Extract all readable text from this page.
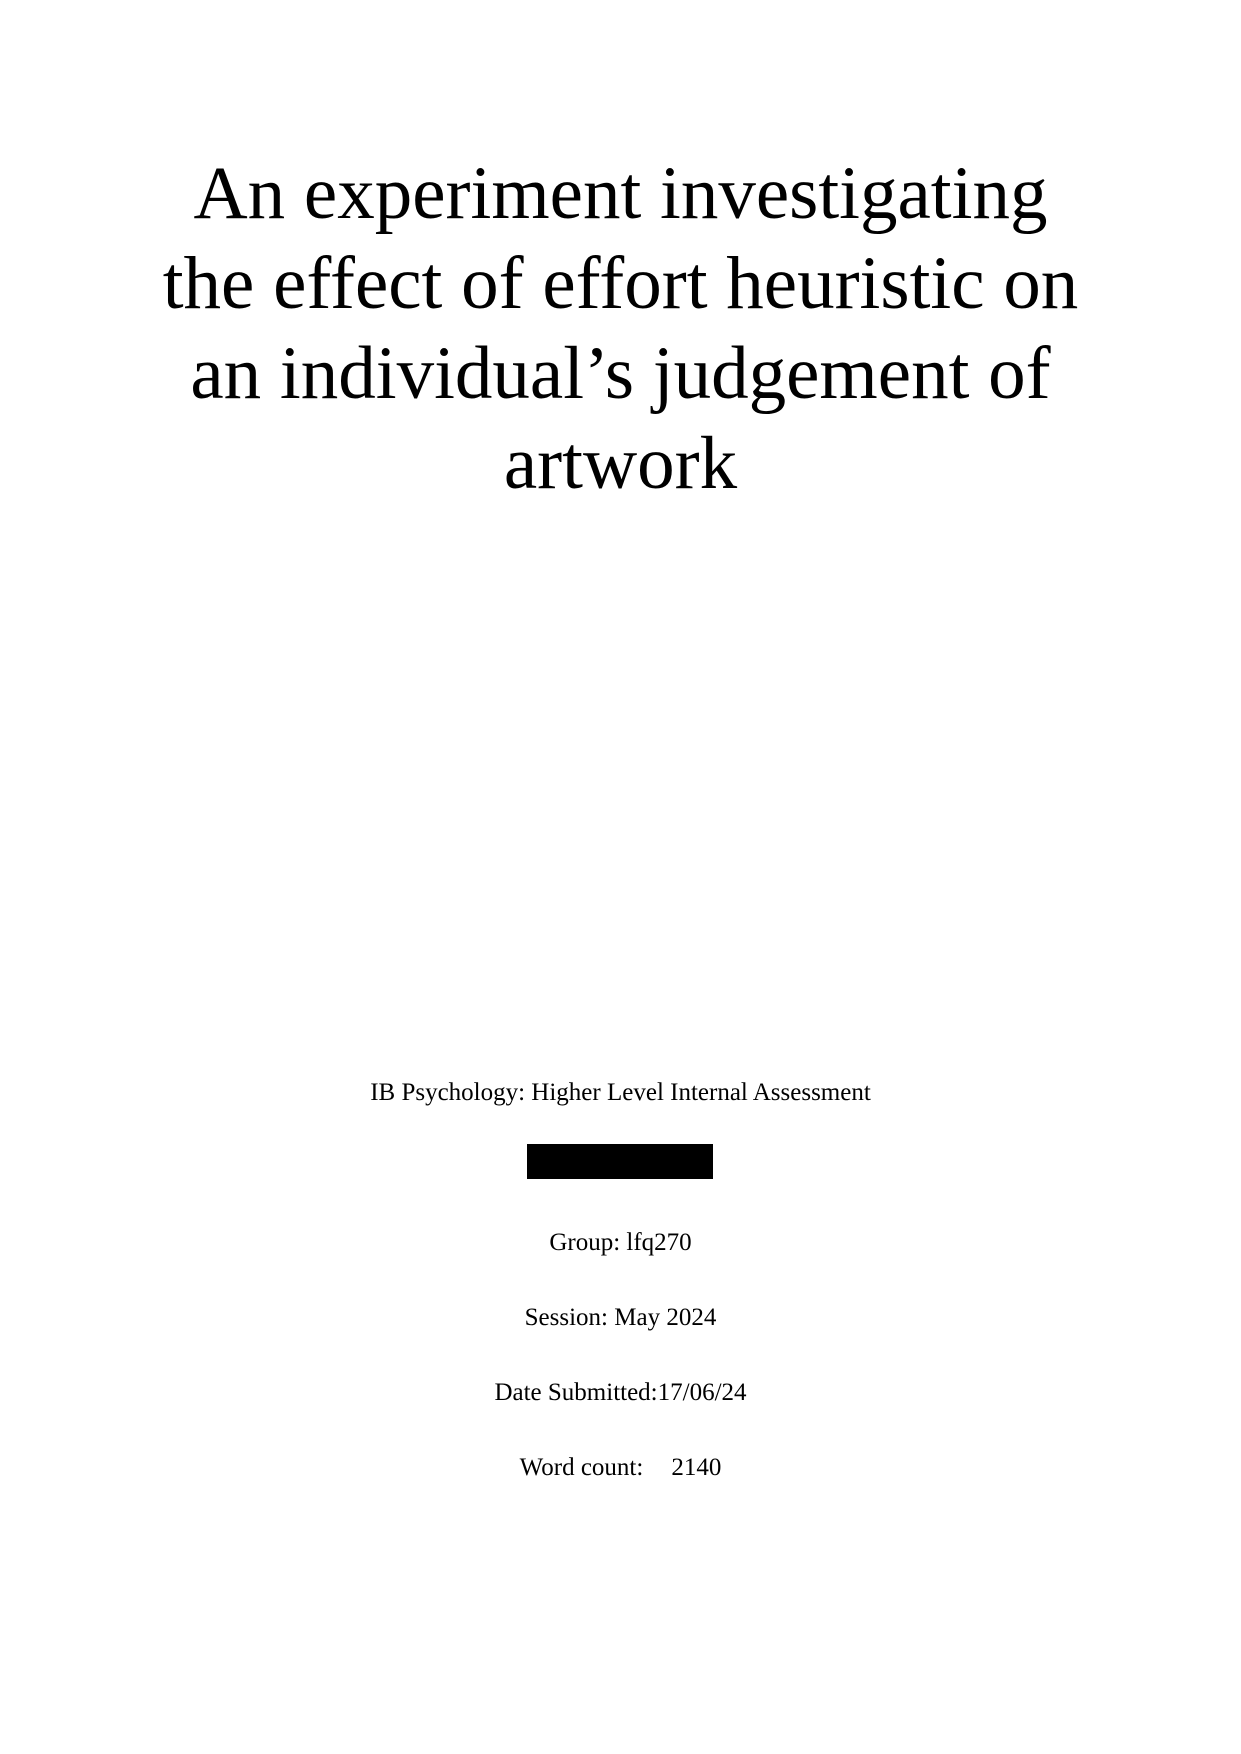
An experiment investigating
the effect of effort heuristic on
an individual’s judgement of
artwork
IB Psychology: Higher Level Internal Assessment
Group: lfq270
Session: May 2024
Date Submitted:17/06/24
Word count: 2140
